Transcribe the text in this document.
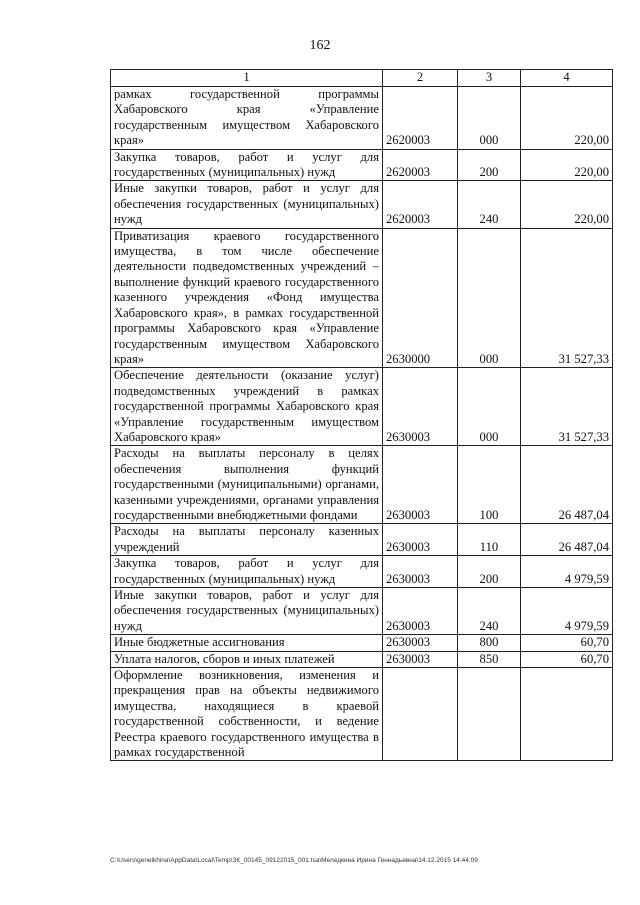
162
1	2	3	4
рамках государственной программы Хабаровского края «Управление государственным имуществом Хабаровского края»	2620003	000	220,00
Закупка товаров, работ и услуг для государственных (муниципальных) нужд	2620003	200	220,00
Иные закупки товаров, работ и услуг для обеспечения государственных (муниципальных) нужд	2620003	240	220,00
Приватизация краевого государственного имущества, в том числе обеспечение деятельности подведомственных учреждений – выполнение функций краевого государственного казенного учреждения «Фонд имущества Хабаровского края», в рамках государственной программы Хабаровского края «Управление государственным имуществом Хабаровского края»	2630000	000	31 527,33
Обеспечение деятельности (оказание услуг) подведомственных учреждений в рамках государственной программы Хабаровского края «Управление государственным имуществом Хабаровского края»	2630003	000	31 527,33
Расходы на выплаты персоналу в целях обеспечения выполнения функций государственными (муниципальными) органами, казенными учреждениями, органами управления государственными внебюджетными фондами	2630003	100	26 487,04
Расходы на выплаты персоналу казенных учреждений	2630003	110	26 487,04
Закупка товаров, работ и услуг для государственных (муниципальных) нужд	2630003	200	4 979,59
Иные закупки товаров, работ и услуг для обеспечения государственных (муниципальных) нужд	2630003	240	4 979,59
Иные бюджетные ассигнования	2630003	800	60,70
Уплата налогов, сборов и иных платежей	2630003	850	60,70
Оформление возникновения, изменения и прекращения прав на объекты недвижимого имущества, находящиеся в краевой государственной собственности, и ведение Реестра краевого государственного имущества в рамках государственной			
C:\Users\genelkhina\AppData\Local\Temp\ЗК_00145_09122015_001.tsa\Меледкина Ирина Геннадьевна\14.12.2015 14:44:09
